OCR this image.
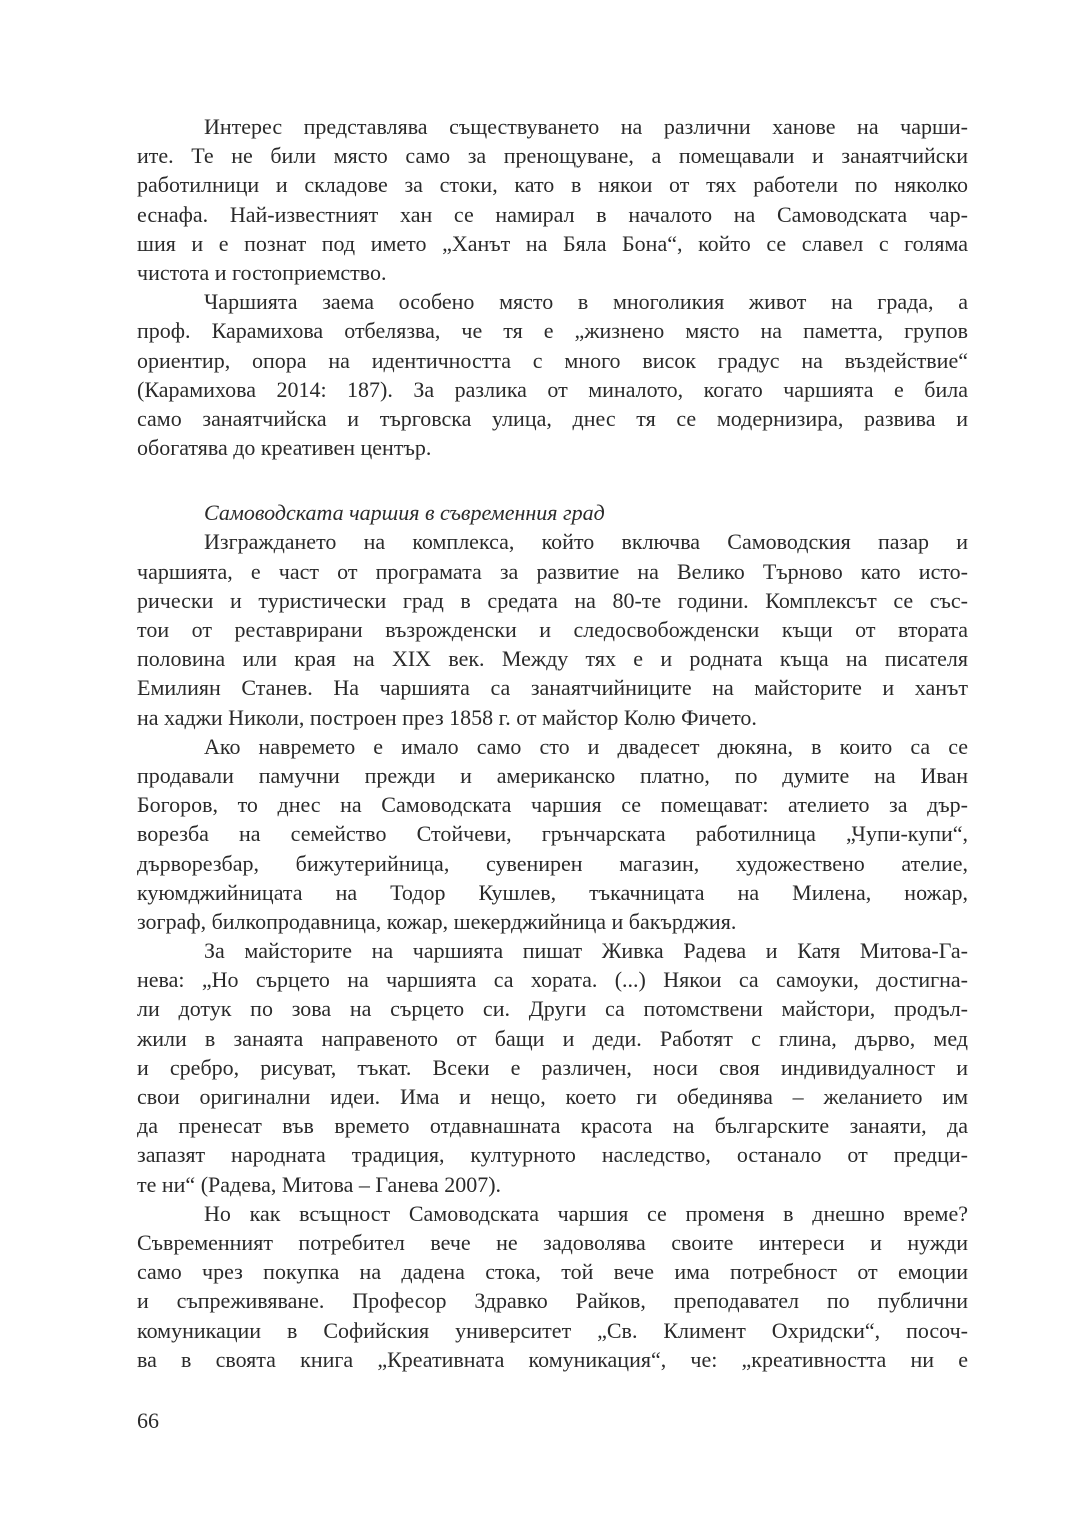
Интерес представлява съществуването на различни ханове на чарши-
ите. Те не били място само за пренощуване, а помещавали и занаятчийски
работилници и складове за стоки, като в някои от тях работели по няколко
еснафа. Най-известният хан се намирал в началото на Самоводската чар-
шия и е познат под името „Ханът на Бяла Бона“, който се славел с голяма
чистота и гостоприемство.
Чаршията заема особено място в многоликия живот на града, а
проф. Карамихова отбелязва, че тя е „жизнено място на паметта, групов
ориентир, опора на идентичността с много висок градус на въздействие“
(Карамихова 2014: 187). За разлика от миналото, когато чаршията е била
само занаятчийска и търговска улица, днес тя се модернизира, развива и
обогатява до креативен център.
Самоводската чаршия в съвременния град
Изграждането на комплекса, който включва Самоводския пазар и
чаршията, е част от програмата за развитие на Велико Търново като исто-
рически и туристически град в средата на 80-те години. Комплексът се със-
тои от реставрирани възрожденски и следосвобожденски къщи от втората
половина или края на XIX век. Между тях е и родната къща на писателя
Емилиян Станев. На чаршията са занаятчийниците на майсторите и ханът
на хаджи Николи, построен през 1858 г. от майстор Колю Фичето.
Ако навремето е имало само сто и двадесет дюкяна, в които са се
продавали памучни прежди и американско платно, по думите на Иван
Богоров, то днес на Самоводската чаршия се помещават: ателието за дър-
ворезба на семейство Стойчеви, грънчарската работилница „Чупи-купи“,
дърворезбар, бижутерийница, сувенирен магазин, художествено ателие,
куюмджийницата на Тодор Кушлев, тъкачницата на Милена, ножар,
зограф, билкопродавница, кожар, шекерджийница и бакърджия.
За майсторите на чаршията пишат Живка Радева и Катя Митова-Га-
нева: „Но сърцето на чаршията са хората. (...) Някои са самоуки, достигна-
ли дотук по зова на сърцето си. Други са потомствени майстори, продъл-
жили в занаята направеното от бащи и деди. Работят с глина, дърво, мед
и сребро, рисуват, тъкат. Всеки е различен, носи своя индивидуалност и
свои оригинални идеи. Има и нещо, което ги обединява – желанието им
да пренесат във времето отдавнашната красота на българските занаяти, да
запазят народната традиция, културното наследство, останало от предци-
те ни“ (Радева, Митова – Ганева 2007).
Но как всъщност Самоводската чаршия се променя в днешно време?
Съвременният потребител вече не задоволява своите интереси и нужди
само чрез покупка на дадена стока, той вече има потребност от емоции
и съпреживяване. Професор Здравко Райков, преподавател по публични
комуникации в Софийския университет „Св. Климент Охридски“, посоч-
ва в своята книга „Креативната комуникация“, че: „креативността ни е
66
